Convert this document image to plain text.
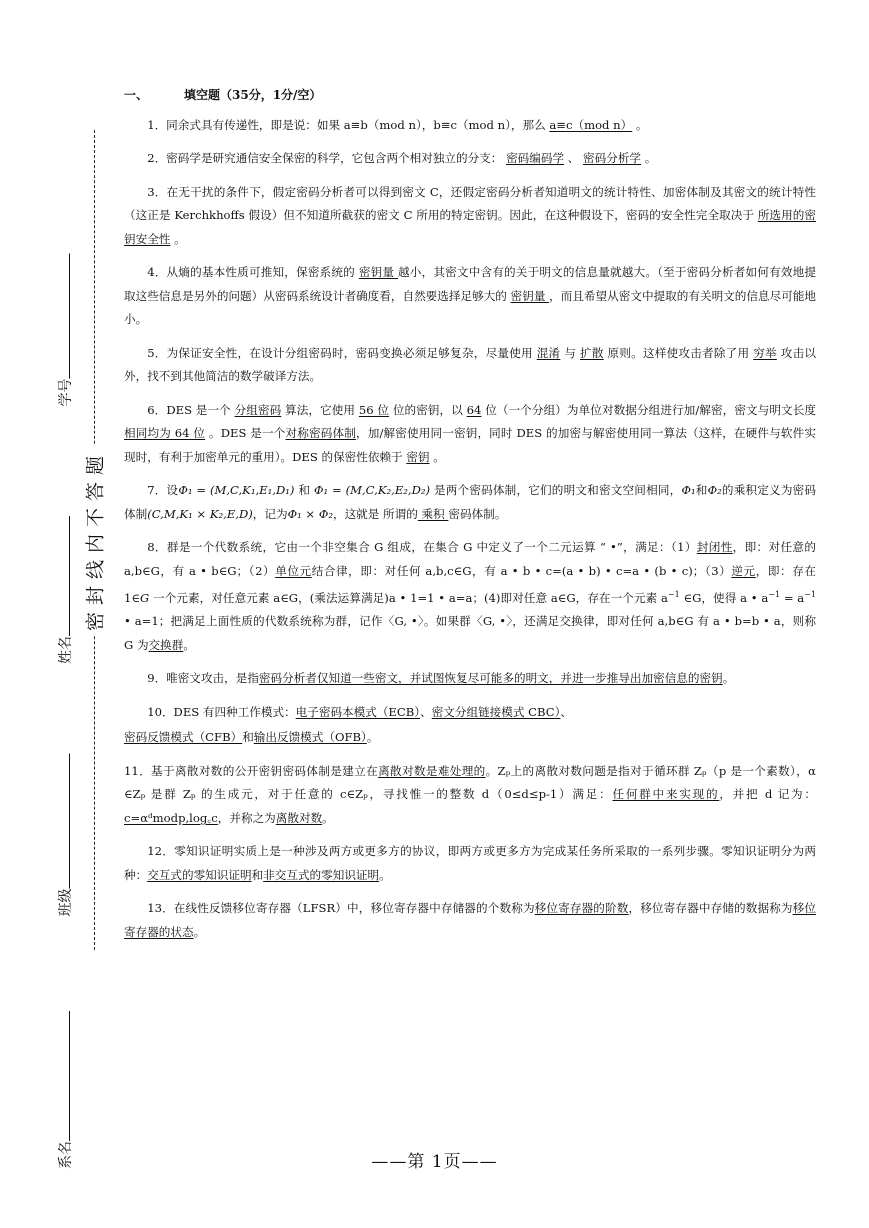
密封线内不答题
系名
班级
姓名
学号
一、	填空题（35分，1分/空）
1．同余式具有传递性，即是说：如果 a≡b（mod n），b≡c（mod n），那么 a≡c（mod n） 。
2．密码学是研究通信安全保密的科学，它包含两个相对独立的分支： 密码编码学 、 密码分析学 。
3．在无干扰的条件下，假定密码分析者可以得到密文 C，还假定密码分析者知道明文的统计特性、加密体制及其密文的统计特性（这正是 Kerchkhoffs 假设）但不知道所截获的密文 C 所用的特定密钥。因此，在这种假设下，密码的安全性完全取决于 所选用的密钥安全性 。
4．从熵的基本性质可推知，保密系统的 密钥量 越小，其密文中含有的关于明文的信息量就越大。（至于密码分析者如何有效地提取这些信息是另外的问题）从密码系统设计者确度看，自然要选择足够大的 密钥量 ，而且希望从密文中提取的有关明文的信息尽可能地小。
5．为保证安全性，在设计分组密码时，密码变换必须足够复杂，尽量使用 混淆 与 扩散 原则。这样使攻击者除了用 穷举 攻击以外，找不到其他简洁的数学破译方法。
6．DES 是一个 分组密码 算法，它使用 56 位 位的密钥，以 64 位（一个分组）为单位对数据分组进行加/解密，密文与明文长度 相同均为 64 位 。DES 是一个对称密码体制，加/解密使用同一密钥，同时 DES 的加密与解密使用同一算法（这样，在硬件与软件实现时，有利于加密单元的重用）。DES 的保密性依赖于 密钥 。
7．设Φ₁ = (M,C,K₁,E₁,D₁) 和 Φ₁ = (M,C,K₂,E₂,D₂) 是两个密码体制，它们的明文和密文空间相同，Φ₁和Φ₂的乘积定义为密码体制(C,M,K₁ × K₂,E,D)，记为Φ₁ × Φ₂，这就是 所谓的 乘积 密码体制。
8．群是一个代数系统，它由一个非空集合 G 组成，在集合 G 中定义了一个二元运算 “ •”，满足：（1）封闭性，即：对任意的 a,b∈G，有 a • b∈G；（2）单位元结合律，即：对任何 a,b,c∈G，有 a • b • c=(a • b) • c=a • (b • c)；（3）逆元，即：存在 1∈G 一个元素，对任意元素 a∈G，(乘法运算满足)a • 1=1 • a=a；(4)即对任意 a∈G，存在一个元素 $a^{-1}$ ∈G，使得 a • $a^{-1} = a^{-1}$ • a=1；把满足上面性质的代数系统称为群，记作〈G, •〉。如果群〈G, •〉，还满足交换律，即对任何 a,b∈G 有 a • b=b • a，则称 G 为交换群。
9．唯密文攻击，是指密码分析者仅知道一些密文，并试图恢复尽可能多的明文，并进一步推导出加密信息的密钥。
10．DES 有四种工作模式：电子密码本模式（ECB）、密文分组链接模式 CBC）、
密码反馈模式（CFB）和输出反馈模式（OFB）。
11．基于离散对数的公开密钥密码体制是建立在离散对数是难处理的。Zₚ上的离散对数问题是指对于循环群 Zₚ（p 是一个素数），α ∈Zₚ 是群 Zₚ 的生成元，对于任意的 c∈Zₚ，寻找惟一的整数 d（0≤d≤p-1）满足：任何群中来实现的，并把 d 记为： c=αᵈmodp,log꜀c，并称之为离散对数。
12．零知识证明实质上是一种涉及两方或更多方的协议，即两方或更多方为完成某任务所采取的一系列步骤。零知识证明分为两种：交互式的零知识证明和非交互式的零知识证明。
13．在线性反馈移位寄存器（LFSR）中，移位寄存器中存储器的个数称为移位寄存器的阶数，移位寄存器中存储的数据称为移位寄存器的状态。
——第 1页——
